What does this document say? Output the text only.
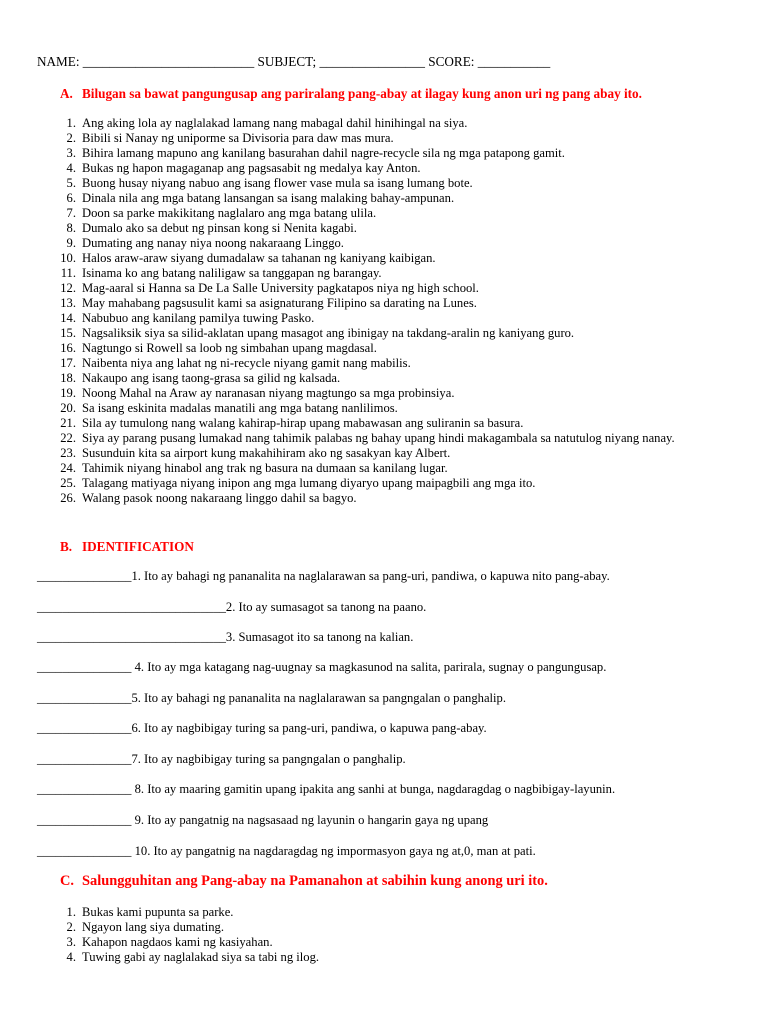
NAME: __________________________ SUBJECT; ________________ SCORE: ___________
A. Bilugan sa bawat pangungusap ang pariralang pang-abay at ilagay kung anon uri ng pang abay ito.
1. Ang aking lola ay naglalakad lamang nang mabagal dahil hinihingal na siya.
2. Bibili si Nanay ng uniporme sa Divisoria para daw mas mura.
3. Bihira lamang mapuno ang kanilang basurahan dahil nagre-recycle sila ng mga patapong gamit.
4. Bukas ng hapon magaganap ang pagsasabit ng medalya kay Anton.
5. Buong husay niyang nabuo ang isang flower vase mula sa isang lumang bote.
6. Dinala nila ang mga batang lansangan sa isang malaking bahay-ampunan.
7. Doon sa parke makikitang naglalaro ang mga batang ulila.
8. Dumalo ako sa debut ng pinsan kong si Nenita kagabi.
9. Dumating ang nanay niya noong nakaraang Linggo.
10. Halos araw-araw siyang dumadalaw sa tahanan ng kaniyang kaibigan.
11. Isinama ko ang batang naliligaw sa tanggapan ng barangay.
12. Mag-aaral si Hanna sa De La Salle University pagkatapos niya ng high school.
13. May mahabang pagsusulit kami sa asignaturang Filipino sa darating na Lunes.
14. Nabubuo ang kanilang pamilya tuwing Pasko.
15. Nagsaliksik siya sa silid-aklatan upang masagot ang ibinigay na takdang-aralin ng kaniyang guro.
16. Nagtungo si Rowell sa loob ng simbahan upang magdasal.
17. Naibenta niya ang lahat ng ni-recycle niyang gamit nang mabilis.
18. Nakaupo ang isang taong-grasa sa gilid ng kalsada.
19. Noong Mahal na Araw ay naranasan niyang magtungo sa mga probinsiya.
20. Sa isang eskinita madalas manatili ang mga batang nanlilimos.
21. Sila ay tumulong nang walang kahirap-hirap upang mabawasan ang suliranin sa basura.
22. Siya ay parang pusang lumakad nang tahimik palabas ng bahay upang hindi makagambala sa natutulog niyang nanay.
23. Susunduin kita sa airport kung makahihiram ako ng sasakyan kay Albert.
24. Tahimik niyang hinabol ang trak ng basura na dumaan sa kanilang lugar.
25. Talagang matiyaga niyang inipon ang mga lumang diyaryo upang maipagbili ang mga ito.
26. Walang pasok noong nakaraang linggo dahil sa bagyo.
B. IDENTIFICATION
_______________1. Ito ay bahagi ng pananalita na naglalarawan sa pang-uri, pandiwa, o kapuwa nito pang-abay.
______________________________2. Ito ay sumasagot sa tanong na paano.
______________________________3. Sumasagot ito sa tanong na kalian.
_______________ 4. Ito ay mga katagang nag-uugnay sa magkasunod na salita, parirala, sugnay o pangungusap.
_______________5. Ito ay bahagi ng pananalita na naglalarawan sa pangngalan o panghalip.
_______________6. Ito ay nagbibigay turing sa pang-uri, pandiwa, o kapuwa pang-abay.
_______________7. Ito ay nagbibigay turing sa pangngalan o panghalip.
_______________ 8. Ito ay maaring gamitin upang ipakita ang sanhi at bunga, nagdaragdag o nagbibigay-layunin.
_______________ 9. Ito ay pangatnig na nagsasaad ng layunin o hangarin gaya ng upang
_______________ 10. Ito ay pangatnig na nagdaragdag ng impormasyon gaya ng at,0, man at pati.
C. Salungguhitan ang Pang-abay na Pamanahon at sabihin kung anong uri ito.
1. Bukas kami pupunta sa parke.
2. Ngayon lang siya dumating.
3. Kahapon nagdaos kami ng kasiyahan.
4. Tuwing gabi ay naglalakad siya sa tabi ng ilog.
